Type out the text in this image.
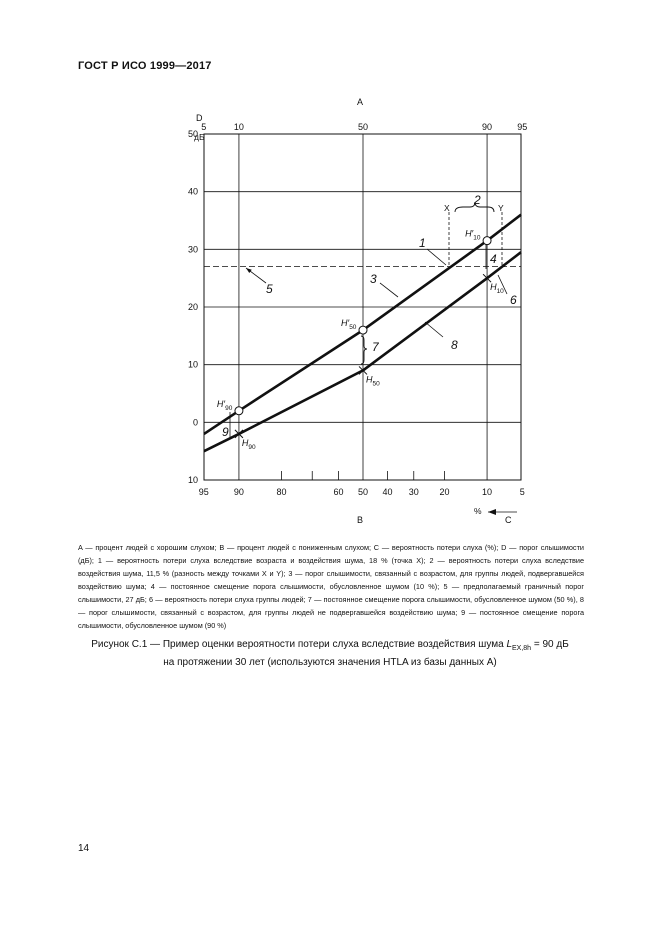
ГОСТ Р ИСО 1999—2017
$H'_{90}$
$H'_{50}$
$H'_{10}$
$H_{90}$
$H_{50}$
$H_{10}$
50
40
30
20
10
0
10
5	10	50	90	95
95	90	80	60 50 40 30 20	10	5
A
B
D
дБ
%
C
X	Y
1
2
3
4
5
6
7	8
9

A — процент людей с хорошим слухом; B — процент людей с пониженным слухом; C — вероятность потери слуха (%); D — порог слышимости (дБ); 1 — вероятность потери слуха вследствие возраста и воздействия шума, 18 % (точка X); 2 — вероятность потери слуха вследствие воздействия шума, 11,5 % (разность между точками X и Y); 3 — порог слышимости, связанный с возрастом, для группы людей, подвергавшейся воздействию шума; 4 — постоянное смещение порога слышимости, обусловленное шумом (10 %); 5 — предполагаемый граничный порог слышимости, 27 дБ; 6 — вероятность потери слуха группы людей; 7 — постоянное смещение порога слышимости, обусловленное шумом (50 %), 8 — порог слышимости, связанный с возрастом, для группы людей не подвергавшейся воздействию шума; 9 — постоянное смещение порога слышимости, обусловленное шумом (90 %)

Рисунок С.1 — Пример оценки вероятности потери слуха вследствие воздействия шума $L_{EX,8h} = 90$ дБ
на протяжении 30 лет (используются значения HTLA из базы данных A)
14
